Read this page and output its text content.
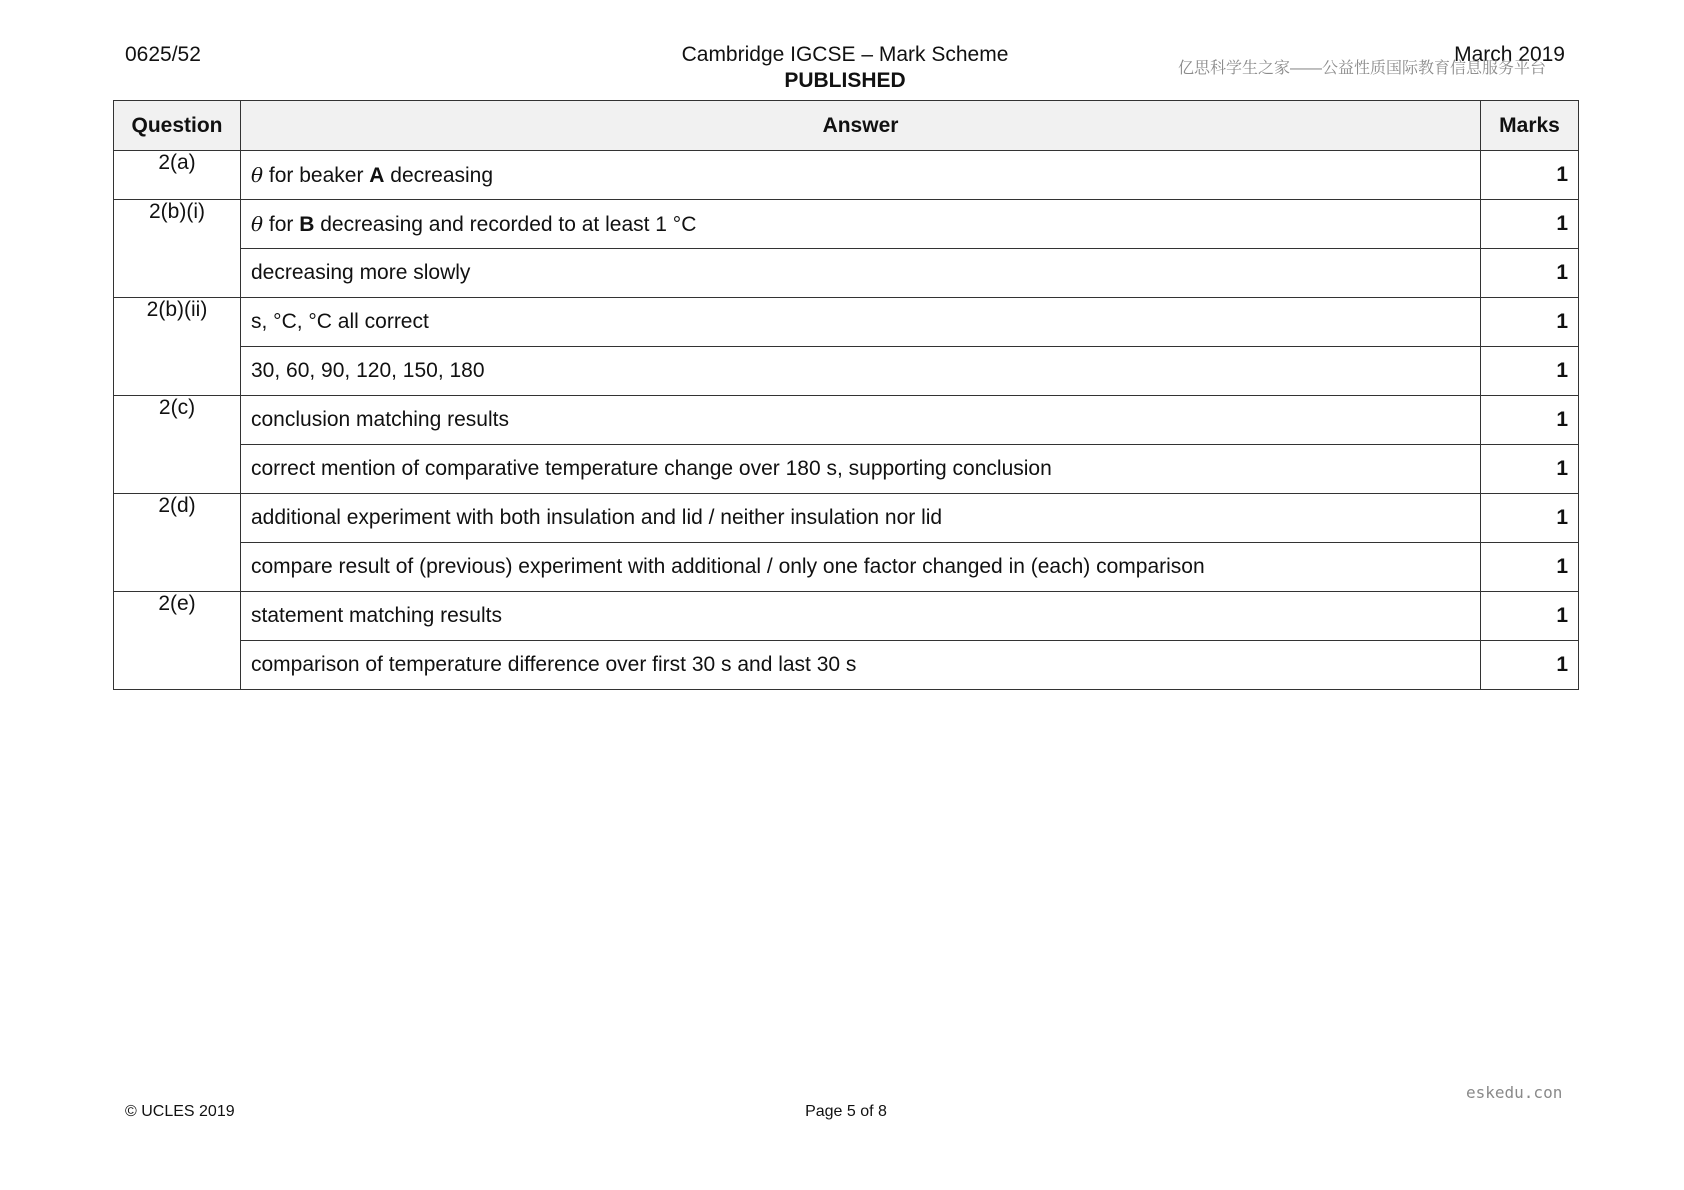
0625/52	Cambridge IGCSE – Mark Scheme
PUBLISHED
March 2019
亿思科学生之家——公益性质国际教育信息服务平台
Question	Answer	Marks
2(a)	θ for beaker A decreasing	1
2(b)(i)	θ for B decreasing and recorded to at least 1 °C	1
	decreasing more slowly	1
2(b)(ii)	s, °C, °C all correct	1
	30, 60, 90, 120, 150, 180	1
2(c)	conclusion matching results	1
	correct mention of comparative temperature change over 180 s, supporting conclusion	1
2(d)	additional experiment with both insulation and lid / neither insulation nor lid	1
	compare result of (previous) experiment with additional / only one factor changed in (each) comparison	1
2(e)	statement matching results	1
	comparison of temperature difference over first 30 s and last 30 s	1
eskedu.con
© UCLES 2019	Page 5 of 8
